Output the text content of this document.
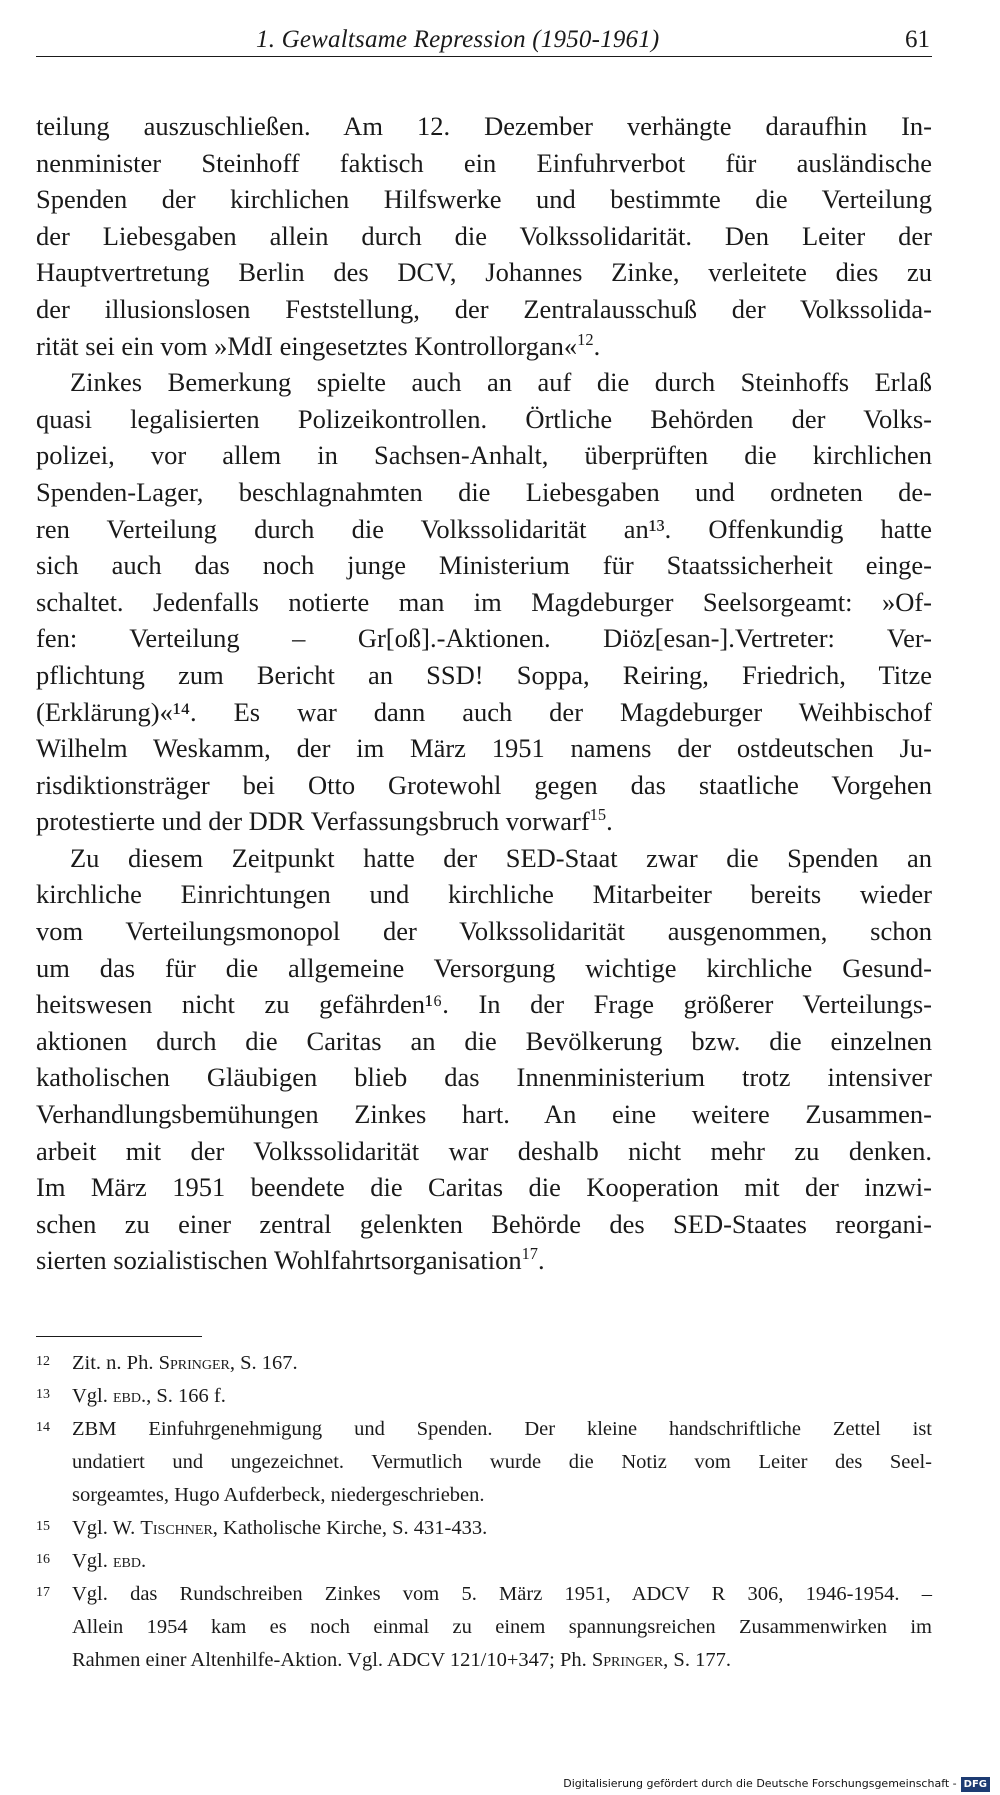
1. Gewaltsame Repression (1950-1961)	61
teilung auszuschließen. Am 12. Dezember verhängte daraufhin In-
nenminister Steinhoff faktisch ein Einfuhrverbot für ausländische
Spenden der kirchlichen Hilfswerke und bestimmte die Verteilung
der Liebesgaben allein durch die Volkssolidarität. Den Leiter der
Hauptvertretung Berlin des DCV, Johannes Zinke, verleitete dies zu
der illusionslosen Feststellung, der Zentralausschuß der Volkssolida-
rität sei ein vom »MdI eingesetztes Kontrollorgan«$^{12}$.
Zinkes Bemerkung spielte auch an auf die durch Steinhoffs Erlaß
quasi legalisierten Polizeikontrollen. Örtliche Behörden der Volks-
polizei, vor allem in Sachsen-Anhalt, überprüften die kirchlichen
Spenden-Lager, beschlagnahmten die Liebesgaben und ordneten de-
ren Verteilung durch die Volkssolidarität an¹³. Offenkundig hatte
sich auch das noch junge Ministerium für Staatssicherheit einge-
schaltet. Jedenfalls notierte man im Magdeburger Seelsorgeamt: »Of-
fen: Verteilung – Gr[oß].-Aktionen. Diöz[esan-].Vertreter: Ver-
pflichtung zum Bericht an SSD! Soppa, Reiring, Friedrich, Titze
(Erklärung)«¹⁴. Es war dann auch der Magdeburger Weihbischof
Wilhelm Weskamm, der im März 1951 namens der ostdeutschen Ju-
risdiktionsträger bei Otto Grotewohl gegen das staatliche Vorgehen
protestierte und der DDR Verfassungsbruch vorwarf$^{15}$.
Zu diesem Zeitpunkt hatte der SED-Staat zwar die Spenden an
kirchliche Einrichtungen und kirchliche Mitarbeiter bereits wieder
vom Verteilungsmonopol der Volkssolidarität ausgenommen, schon
um das für die allgemeine Versorgung wichtige kirchliche Gesund-
heitswesen nicht zu gefährden¹⁶. In der Frage größerer Verteilungs-
aktionen durch die Caritas an die Bevölkerung bzw. die einzelnen
katholischen Gläubigen blieb das Innenministerium trotz intensiver
Verhandlungsbemühungen Zinkes hart. An eine weitere Zusammen-
arbeit mit der Volkssolidarität war deshalb nicht mehr zu denken.
Im März 1951 beendete die Caritas die Kooperation mit der inzwi-
schen zu einer zentral gelenkten Behörde des SED-Staates reorgani-
sierten sozialistischen Wohlfahrtsorganisation$^{17}$.
12	Zit. n. Ph. Springer, S. 167.
13	Vgl. ebd., S. 166 f.
14	ZBM Einfuhrgenehmigung und Spenden. Der kleine handschriftliche Zettel ist
undatiert und ungezeichnet. Vermutlich wurde die Notiz vom Leiter des Seel-
sorgeamtes, Hugo Aufderbeck, niedergeschrieben.
15	Vgl. W. Tischner, Katholische Kirche, S. 431-433.
16	Vgl. ebd.
17	Vgl. das Rundschreiben Zinkes vom 5. März 1951, ADCV R 306, 1946-1954. –
Allein 1954 kam es noch einmal zu einem spannungsreichen Zusammenwirken im
Rahmen einer Altenhilfe-Aktion. Vgl. ADCV 121/10+347; Ph. Springer, S. 177.
Digitalisierung gefördert durch die Deutsche Forschungsgemeinschaft - DFG
